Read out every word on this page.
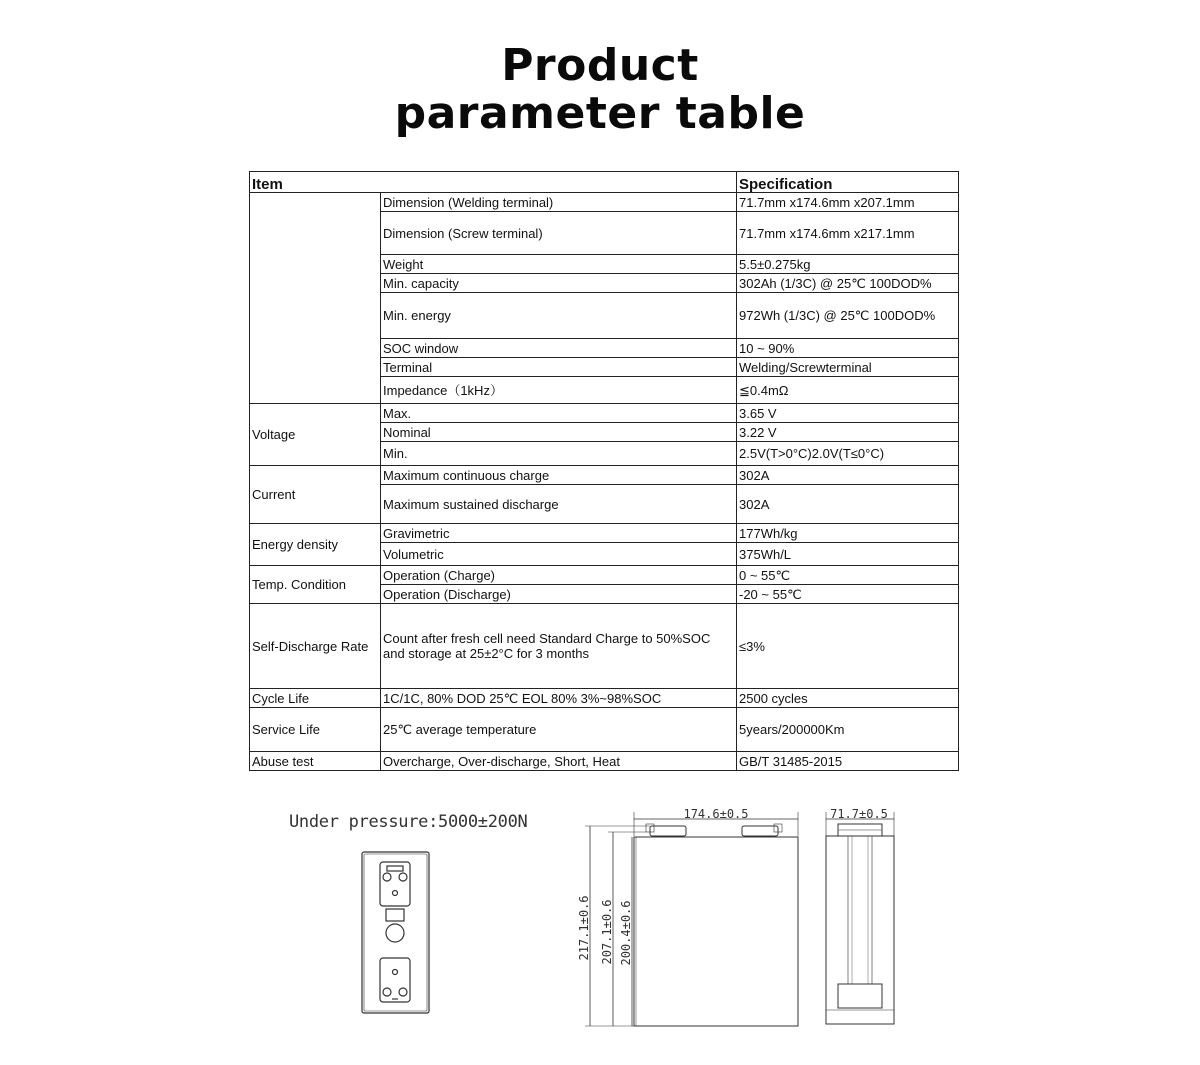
Product
parameter table
Item		Specification
	Dimension (Welding terminal)	71.7mm x174.6mm x207.1mm
	Dimension (Screw terminal)	71.7mm x174.6mm x217.1mm
	Weight	5.5±0.275kg
	Min. capacity	302Ah (1/3C) @ 25℃ 100DOD%
	Min. energy	972Wh (1/3C) @ 25℃ 100DOD%
	SOC window	10 ~ 90%
	Terminal	Welding/Screwterminal
	Impedance（1kHz）	≦0.4mΩ
Voltage	Max.	3.65 V
	Nominal	3.22 V
	Min.	2.5V(T>0°C)2.0V(T≤0°C)
Current	Maximum continuous charge	302A
	Maximum sustained discharge	302A
Energy density	Gravimetric	177Wh/kg
	Volumetric	375Wh/L
Temp. Condition	Operation (Charge)	0 ~ 55℃
	Operation (Discharge)	-20 ~ 55℃
Self-Discharge Rate	Count after fresh cell need Standard Charge to 50%SOC and storage at 25±2°C for 3 months	≤3%
Cycle Life	1C/1C, 80% DOD 25℃ EOL 80% 3%~98%SOC	2500 cycles
Service Life	25℃ average temperature	5years/200000Km
Abuse test	Overcharge, Over-discharge, Short, Heat	GB/T 31485-2015
Under pressure:5000±200N	174.6±0.5
217.1±0.6 207.1±0.6 200.4±0.6
71.7±0.5
